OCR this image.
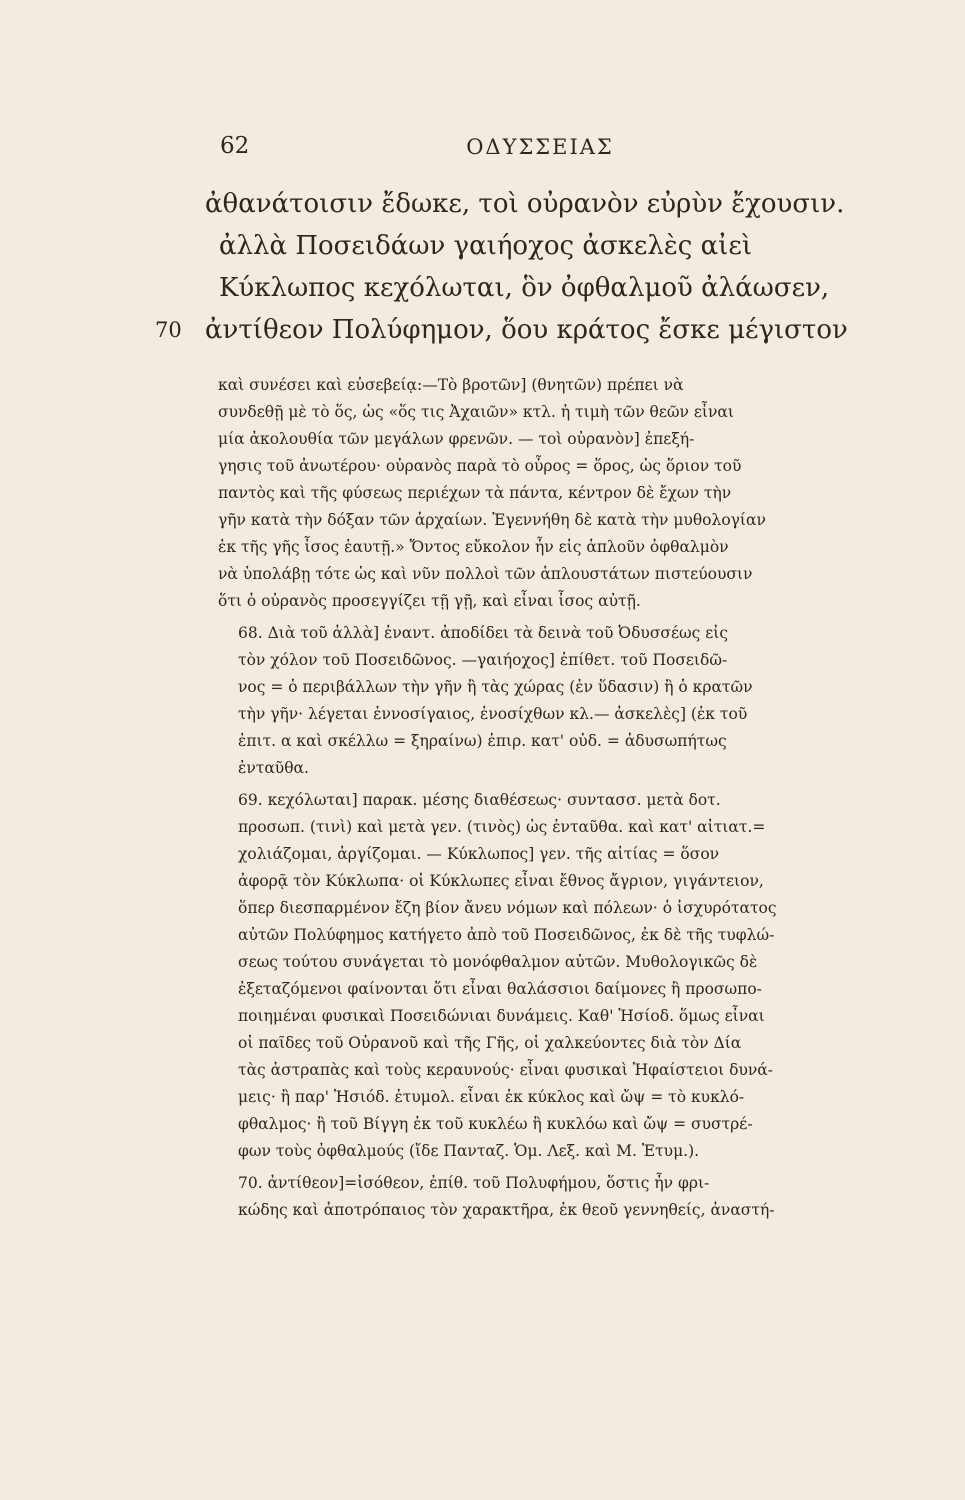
62	ΟΔΥΣΣΕΙΑΣ
ἀθανάτοισιν ἔδωκε, τοὶ οὐρανὸν εὐρὺν ἔχουσιν.
ἀλλὰ Ποσειδάων γαιήοχος ἀσκελὲς αἰεὶ
Κύκλωπος κεχόλωται, ὃν ὀφθαλμοῦ ἀλάωσεν,
70 ἀντίθεον Πολύφημον, ὅου κράτος ἔσκε μέγιστον

καὶ συνέσει καὶ εὐσεβείᾳ:—Τὸ βροτῶν] (θνητῶν) πρέπει νὰ
συνδεθῇ μὲ τὸ ὅς, ὡς «ὅς τις Ἀχαιῶν» κτλ. ἡ τιμὴ τῶν θεῶν εἶναι
μία ἀκολουθία τῶν μεγάλων φρενῶν. — τοὶ οὐρανὸν] ἐπεξή-
γησις τοῦ ἀνωτέρου· οὐρανὸς παρὰ τὸ οὖρος = ὅρος, ὡς ὅριον τοῦ
παντὸς καὶ τῆς φύσεως περιέχων τὰ πάντα, κέντρον δὲ ἔχων τὴν
γῆν κατὰ τὴν δόξαν τῶν ἀρχαίων. Ἐγεννήθη δὲ κατὰ τὴν μυθολογίαν
ἐκ τῆς γῆς ἶσος ἑαυτῇ.» Ὄντος εὔκολον ἦν εἰς ἁπλοῦν ὀφθαλμὸν
νὰ ὑπολάβῃ τότε ὡς καὶ νῦν πολλοὶ τῶν ἁπλουστάτων πιστεύουσιν
ὅτι ὁ οὐρανὸς προσεγγίζει τῇ γῇ, καὶ εἶναι ἶσος αὐτῇ.

68. Διὰ τοῦ ἀλλὰ] ἐναντ. ἀποδίδει τὰ δεινὰ τοῦ Ὀδυσσέως εἰς
τὸν χόλον τοῦ Ποσειδῶνος. —γαιήοχος] ἐπίθετ. τοῦ Ποσειδῶ-
νος = ὁ περιβάλλων τὴν γῆν ἢ τὰς χώρας (ἐν ὕδασιν) ἢ ὁ κρατῶν
τὴν γῆν· λέγεται ἐννοσίγαιος, ἐνοσίχθων κλ.— ἀσκελὲς] (ἐκ τοῦ
ἐπιτ. α καὶ σκέλλω = ξηραίνω) ἐπιρ. κατ' οὐδ. = ἀδυσωπήτως
ἐνταῦθα.

69. κεχόλωται] παρακ. μέσης διαθέσεως· συντασσ. μετὰ δοτ.
προσωπ. (τινὶ) καὶ μετὰ γεν. (τινὸς) ὡς ἐνταῦθα. καὶ κατ' αἰτιατ.=
χολιάζομαι, ἀργίζομαι. — Κύκλωπος] γεν. τῆς αἰτίας = ὅσον
ἀφορᾷ τὸν Κύκλωπα· οἱ Κύκλωπες εἶναι ἔθνος ἄγριον, γιγάντειον,
ὅπερ διεσπαρμένον ἔζη βίον ἄνευ νόμων καὶ πόλεων· ὁ ἰσχυρότατος
αὐτῶν Πολύφημος κατήγετο ἀπὸ τοῦ Ποσειδῶνος, ἐκ δὲ τῆς τυφλώ-
σεως τούτου συνάγεται τὸ μονόφθαλμον αὐτῶν. Μυθολογικῶς δὲ
ἐξεταζόμενοι φαίνονται ὅτι εἶναι θαλάσσιοι δαίμονες ἢ προσωπο-
ποιημέναι φυσικαὶ Ποσειδώνιαι δυνάμεις. Καθ' Ἡσίοδ. ὅμως εἶναι
οἱ παῖδες τοῦ Οὐρανοῦ καὶ τῆς Γῆς, οἱ χαλκεύοντες διὰ τὸν Δία
τὰς ἀστραπὰς καὶ τοὺς κεραυνούς· εἶναι φυσικαὶ Ἡφαίστειοι δυνά-
μεις· ἢ παρ' Ἡσιόδ. ἐτυμολ. εἶναι ἐκ κύκλος καὶ ὤψ = τὸ κυκλό-
φθαλμος· ἢ τοῦ Βίγγη ἐκ τοῦ κυκλέω ἢ κυκλόω καὶ ὤψ = συστρέ-
φων τοὺς ὀφθαλμούς (ἴδε Πανταζ. Ὁμ. Λεξ. καὶ Μ. Ἐτυμ.).

70. ἀντίθεον]=ἰσόθεον, ἐπίθ. τοῦ Πολυφήμου, ὅστις ἦν φρι-
κώδης καὶ ἀποτρόπαιος τὸν χαρακτῆρα, ἐκ θεοῦ γεννηθείς, ἀναστή-
